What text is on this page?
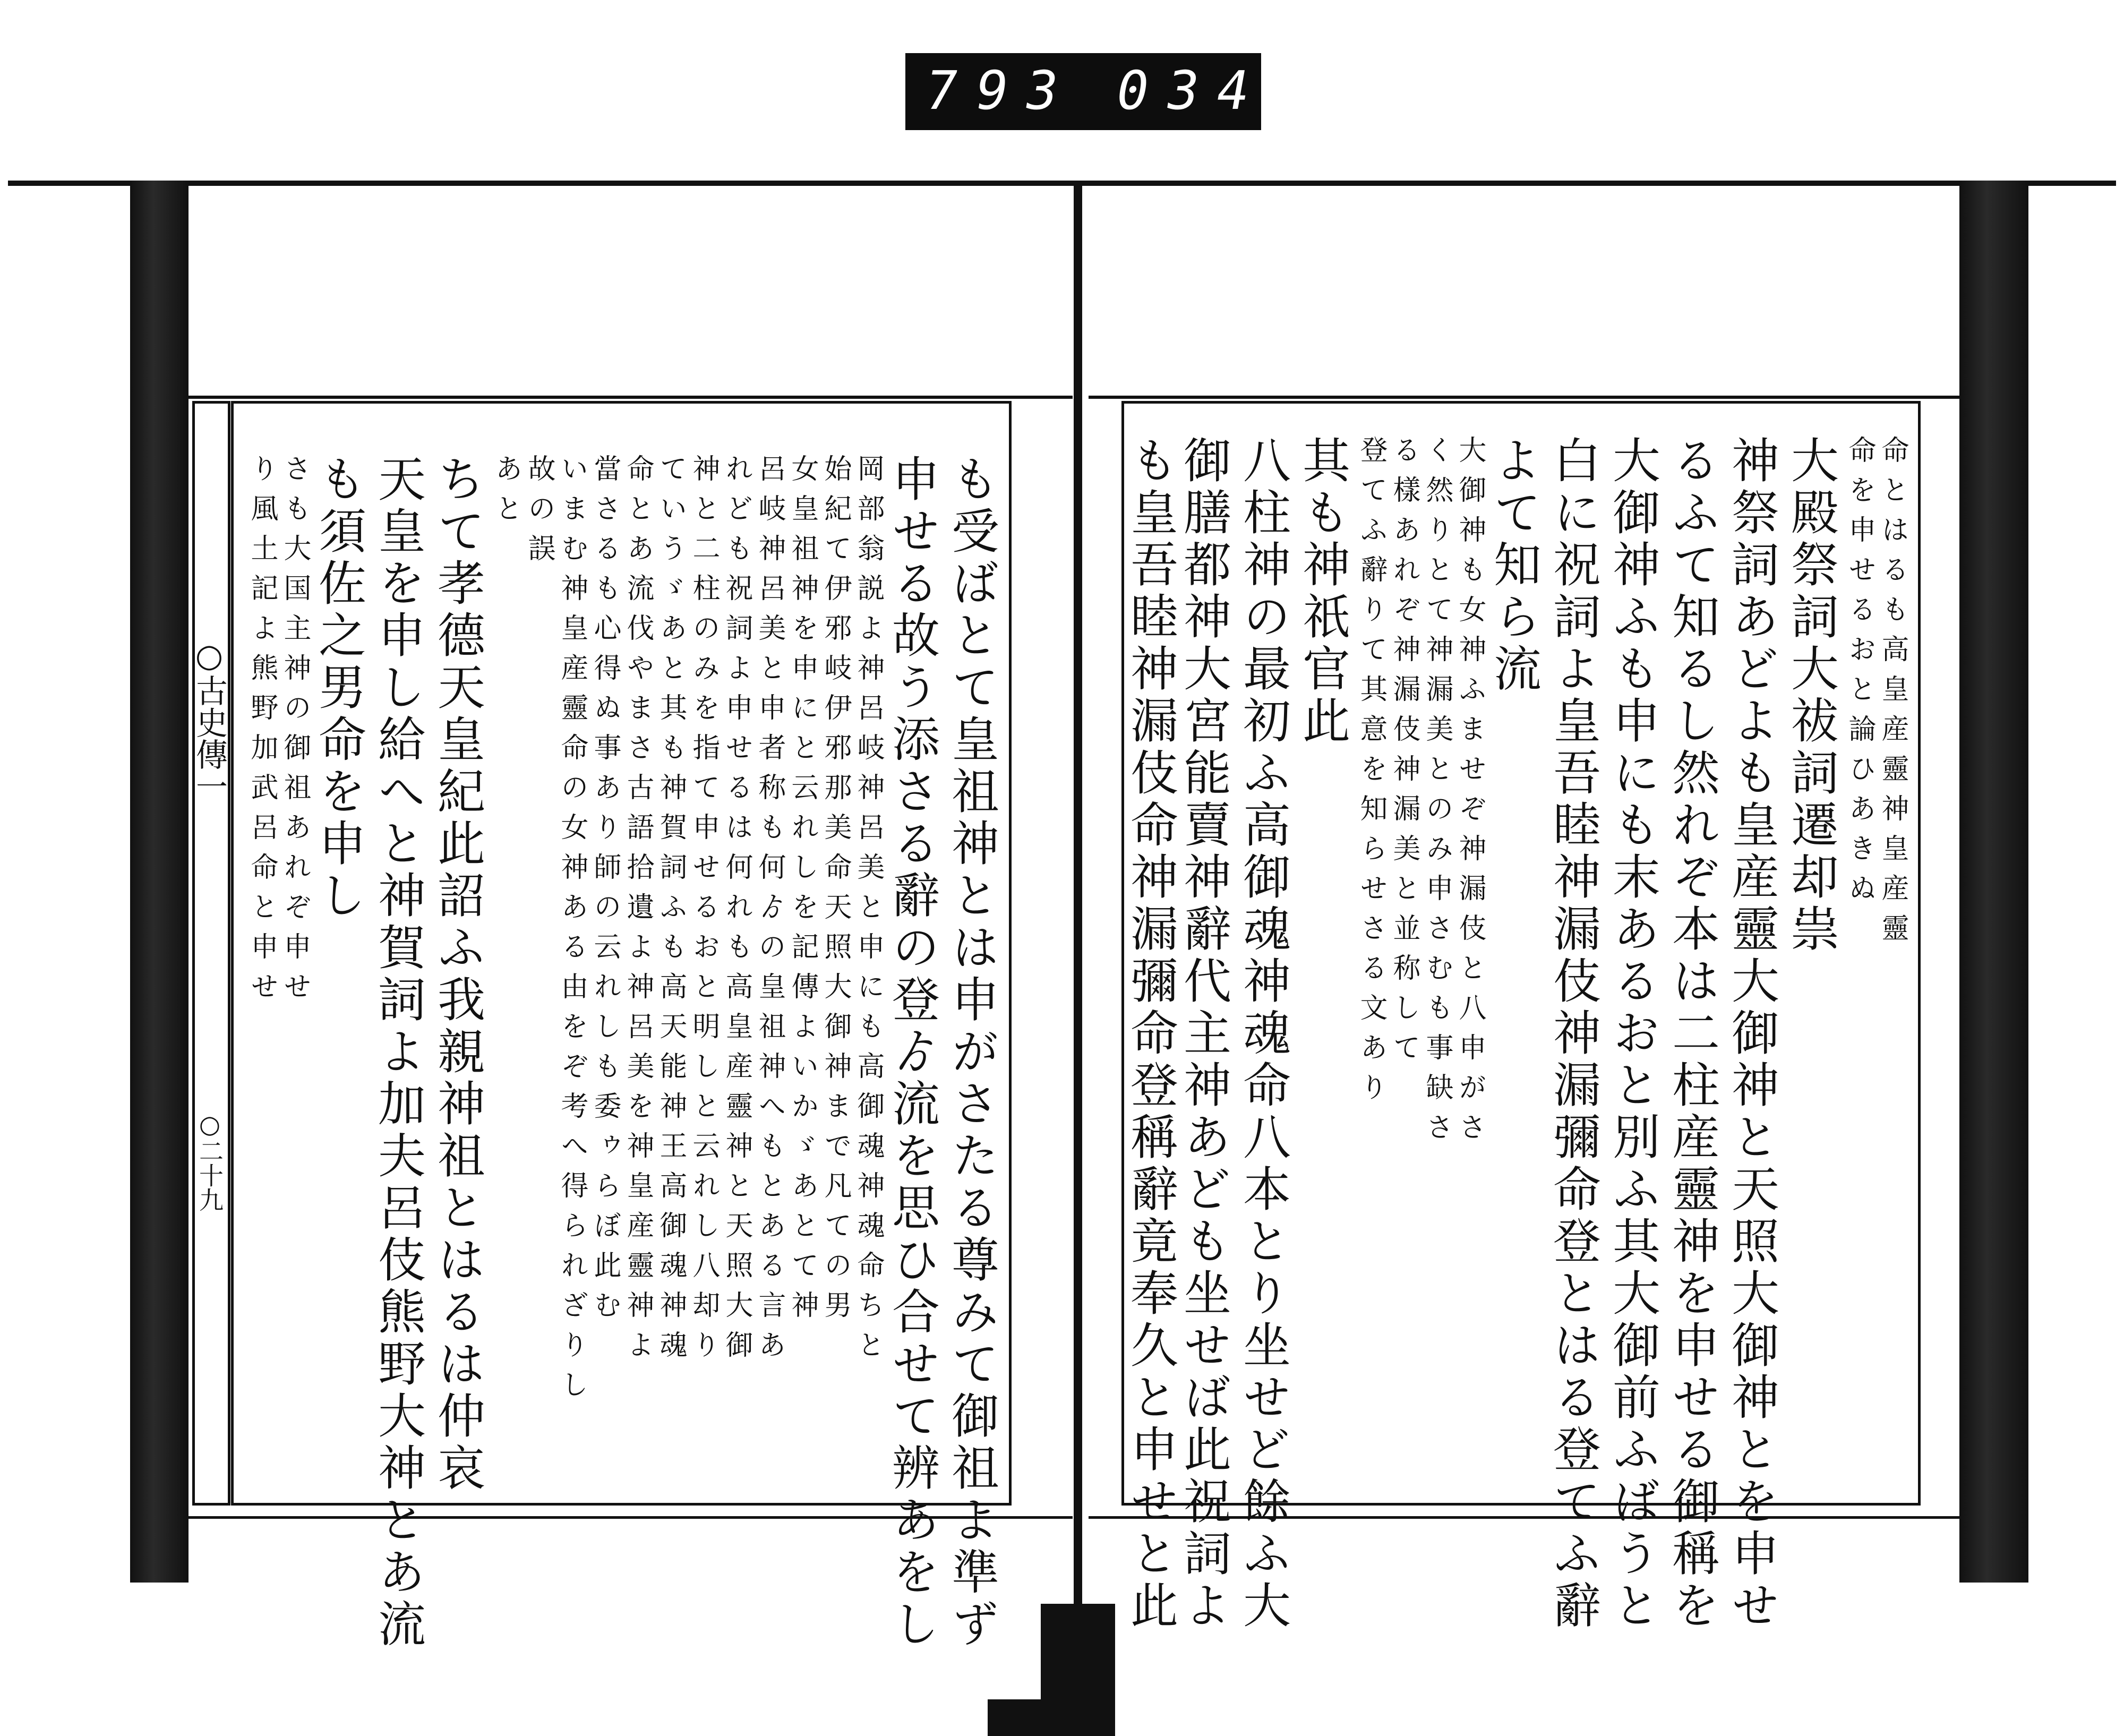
793 034
○古史傳一
○二十九	も受ばとて皇祖神とは申がさたる尊みて御祖よ準ず
申せる故う添さる辭の登ゟ流を思ひ合せて辨あをし
岡部翁説よ神呂岐神呂美と申にも高御魂神魂命ちと
始紀て伊邪岐伊邪那美命天照大御神まで凡ての男
女皇祖神を申にと云れしを記傳よいかゞあとて神
呂岐神呂美と申者称も何ゟの皇祖神へもとある言あ
れども祝詞よ申せるは何れも高皇産靈神と天照大御
神と二柱のみを指て申せるおと明しと云れし八却り
ていうゞあと其も神賀詞ふも高天能神王高御魂神魂
命とあ流伐やまさ古語拾遺よ神呂美を神皇産靈神よ
當さるも心得ぬ事あり師の云れしも委ゥらぼ此む
いまむ神皇産靈命の女神ある由をぞ考へ得られざりし
故の誤
あと
ちて孝德天皇紀此詔ふ我親神祖とはるは仲哀
天皇を申し給へと神賀詞よ加夫呂伎熊野大神とあ流
も須佐之男命を申し
さも大国主神の御祖あれぞ申せ
り風土記よ熊野加武呂命と申せ	命とはるも高皇産靈神皇産靈
命を申せるおと論ひあきぬ
大殿祭詞大祓詞遷却祟
神祭詞あどよも皇産靈大御神と天照大御神とを申せ
るふて知るし然れぞ本は二柱産靈神を申せる御稱を
大御神ふも申にも末あるおと別ふ其大御前ふばうと
白に祝詞よ皇吾睦神漏伎神漏彌命登とはる登てふ辭
よて知ら流
大御神も女神ふませぞ神漏伎と八申がさ
く然りとて神漏美とのみ申さむも事缺さ
る樣あれぞ神漏伎神漏美と並称して
登てふ辭りて其意を知らせさる文あり
其も神祇官此
八柱神の最初ふ高御魂神魂命八本とり坐せど餘ふ大
御膳都神大宮能賣神辭代主神あども坐せば此祝詞よ
も皇吾睦神漏伎命神漏彌命登稱辭竟奉久と申せと此
